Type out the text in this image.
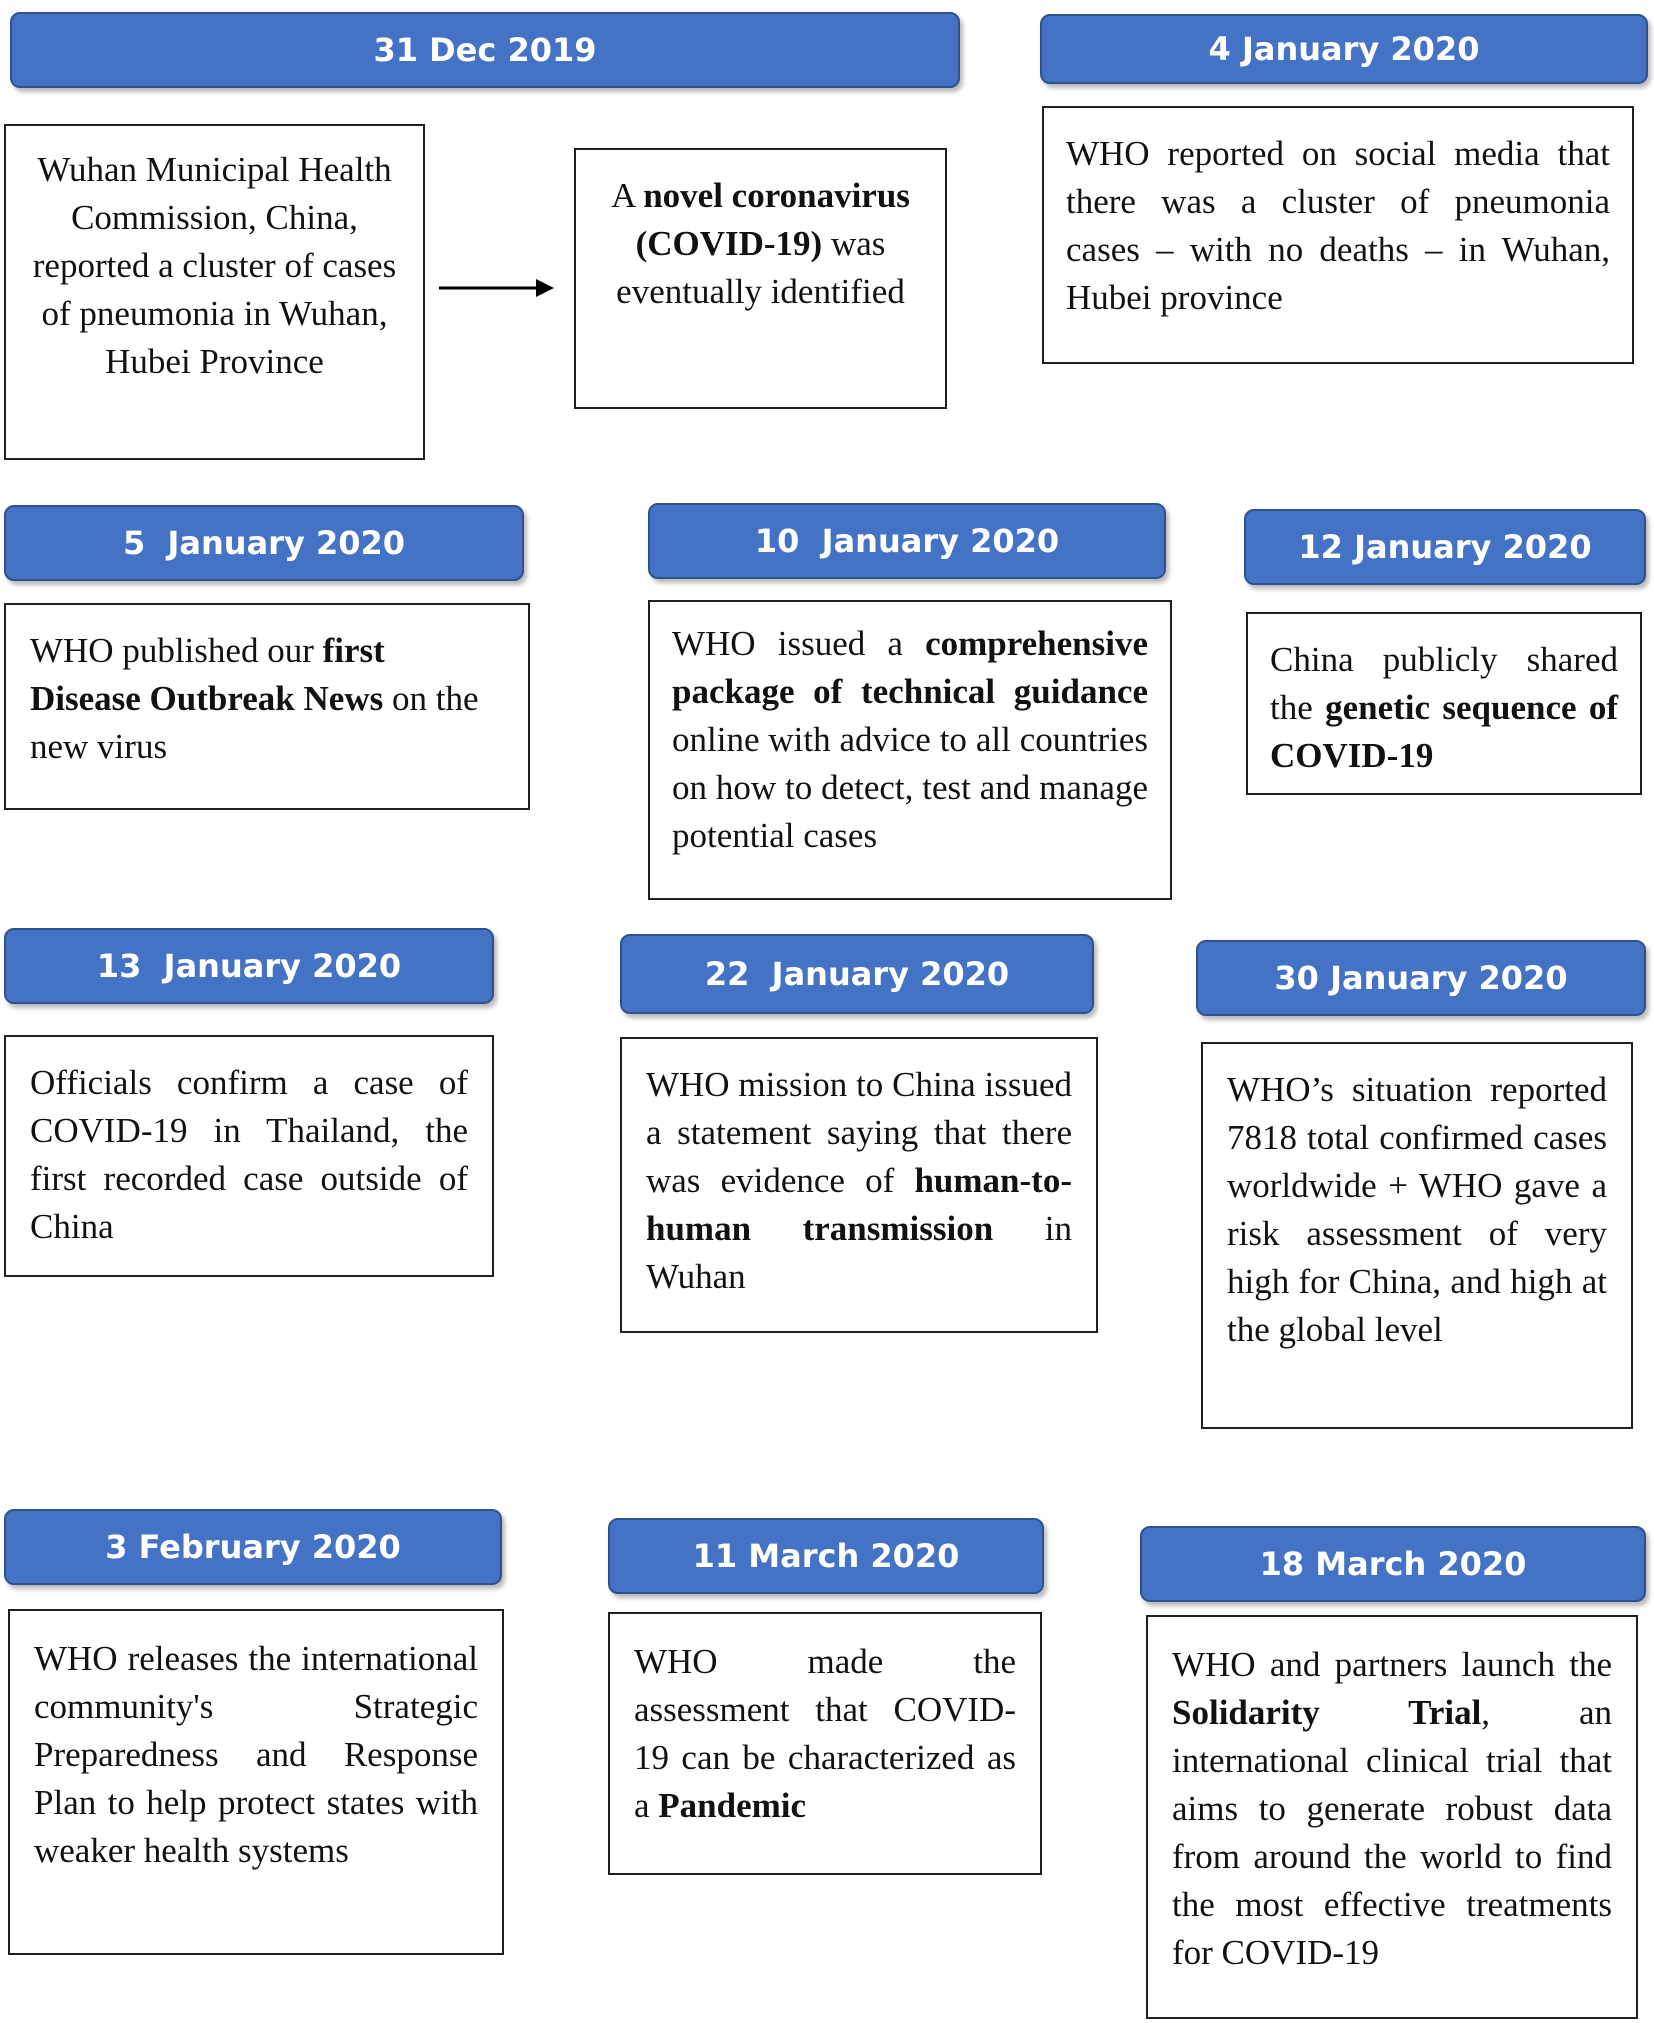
31 Dec 2019

Wuhan Municipal Health Commission, China, reported a cluster of cases of pneumonia in Wuhan, Hubei Province

A novel coronavirus (COVID-19) was eventually identified

4 January 2020

WHO reported on social media that there was a cluster of pneumonia cases – with no deaths – in Wuhan, Hubei province

5  January 2020

WHO published our first Disease Outbreak News on the new virus

10  January 2020

WHO issued a comprehensive package of technical guidance online with advice to all countries on how to detect, test and manage potential cases

12 January 2020

China publicly shared the genetic sequence of COVID-19

13  January 2020

Officials confirm a case of COVID-19 in Thailand, the first recorded case outside of China

22  January 2020

WHO mission to China issued a statement saying that there was evidence of human-to-human transmission in Wuhan

30 January 2020

WHO’s situation reported 7818 total confirmed cases worldwide + WHO gave a risk assessment of very high for China, and high at the global level

3 February 2020

WHO releases the international community's Strategic Preparedness and Response Plan to help protect states with weaker health systems

11 March 2020

WHO made the assessment that COVID-19 can be characterized as a Pandemic

18 March 2020

WHO and partners launch the Solidarity Trial, an international clinical trial that aims to generate robust data from around the world to find the most effective treatments for COVID-19
